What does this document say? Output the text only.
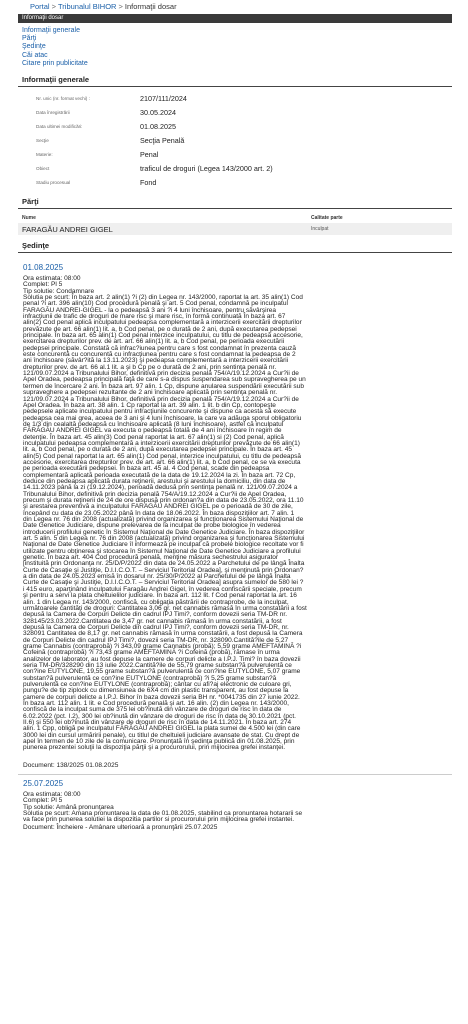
Portal > Tribunalul BIHOR > Informaţii dosar
Informaţii dosar
Informaţii generale
Părţi
Şedinţe
Căi atac
Citare prin publicitate
Informaţii generale
Nr. unic (nr. format vechi) :	2107/111/2024
Data înregistrării	30.05.2024
Data ultimei modificări:	01.08.2025
Secţie	Secţia Penală
Materie:	Penal
Obiect	traficul de droguri (Legea 143/2000 art. 2)
Stadiu procesual	Fond
Părţi
Nume	Calitate parte
FARAGĂU ANDREI GIGEL	Inculpat
Şedinţe
01.08.2025
Ora estimata: 08:00
Complet: Pl 5
Tip solutie: Condamnare
Solutia pe scurt: În baza art. 2 alin(1) ?i (2) din Legea nr. 143/2000, raportat la art. 35 alin(1) Cod
penal ?i art. 396 alin(10) Cod procedură penală şi art. 5 Cod penal, condamnă pe inculpatul
FARAGĂU ANDREI-GIGEL - la o pedeapsă 3 ani ?i 4 luni închisoare, pentru săvârşirea
infracţiunii de trafic de droguri de mare risc şi mare risc, în formă continuată În baza art. 67
alin(2) Cod penal aplică inculpatului pedeapsa complementară a interzicerii exercitării drepturilor
prevăzute de art. 66 alin(1) lit. a, b Cod penal, pe o durată de 2 ani, după executarea pedepsei
principale. În baza art. 65 alin(1) Cod penal interzice inculpatului, cu titlu de pedeapsă accesorie,
exercitarea drepturilor prev. de art. art. 66 alin(1) lit. a, b Cod penal, pe perioada executării
pedepsei principale. Constată că infrac?iunea pentru care s fost condamnat în prezenta cauză
este concurentă cu concurentă cu infracţiunea pentru care s fost condamnat la pedeapsa de 2
ani închisoare (săvâr?ită la 13.11.2023) şi pedeapsa complementară a interzicerii exercitării
drepturilor prev. de art. 66 al.1 lit. a şi b Cp pe o durată de 2 ani, prin sentinţa penală nr.
121/09.07.2024 a Tribunalului Bihor, definitivă prin decizia penală 754/A/19.12.2024 a Cur?ii de
Apel Oradea, pedeapsa principală faţă de care s-a dispus suspendarea sub supravegherea pe un
termen de încercare 2 ani. În baza art. 97 alin. 1 Cp, dispune anularea suspendării executării sub
supraveghere a pedepsei rezultante de 2 ani închisoare aplicată prin sentinţa penală nr.
121/09.07.2024 a Tribunalului Bihor, definitivă prin decizia penală 754/A/19.12.2024 a Cur?ii de
Apel Oradea. În baza art. 38 alin. 1 Cp raportat la art. 39 alin. 1 lit. b din Cp, contopeşte
pedepsele aplicate inculpatului pentru infracţiunile concurente şi dispune ca acesta să execute
pedeapsa cea mai grea, aceea de 3 ani şi 4 luni închisoare, la care va adăuga sporul obligatoriu
de 1/3 din cealaltă pedeapsă cu închisoare aplicată (8 luni închisoare), astfel că inculpatul
FĂRĂGĂU ANDREI GIGEL va executa o pedeapsă totală de 4 ani închisoare în regim de
detenţie. În baza art. 45 alin(3) Cod penal raportat la art. 67 alin(1) si (2) Cod penal, aplică
inculpatului pedeapsa complementară a interzicerii exercitării drepturilor prevăzute de 66 alin(1)
lit. a, b Cod penal, pe o durată de 2 ani, după executarea pedepsei principale. În baza art. 45
alin(5) Cod penal raportat la art. 65 alin(1) Cod penal, interzice inculpatului, cu titlu de pedeapsă
accesorie, exercitarea drepturilor prev. de art. art. 66 alin(1) lit. a, b Cod penal, ce se va executa
pe perioada executării pedepsei. În baza art. 45 al. 4 Cod penal, scade din pedeapsa
complementară aplicată perioada executată de la data de 19.12.2024 la zi. În baza art. 72 Cp,
deduce din pedeapsa aplicată durata reţinerii, arestului şi arestului la domiciliu, din data de
14.11.2023 până la zi (19.12.2024), perioadă dedusă prin sentinţa penală nr. 121/09.07.2024 a
Tribunalului Bihor, definitivă prin decizia penală 754/A/19.12.2024 a Cur?ii de Apel Oradea,
precum şi durata reţinerii de 24 de ore dispusă prin ordonan?a din data de 23.05.2022, ora 11.10
şi arestarea preventivă a inculpatului FARAGĂU ANDREI GIGEL pe o perioadă de 30 de zile,
începând cu data de 23.05.2022 până în data de 18.06.2022. În baza dispoziţiilor art. 7 alin. 1
din Legea nr. 76 din 2008 (actualizată) privind organizarea şi funcţionarea Sistemului Naţional de
Date Genetice Judiciare, dispune prelevarea de la inculpat de probe biologice în vederea
introducerii profilului genetic în Sistemul Naţional de Date Genetice Judiciare. În baza dispoziţiilor
art. 5 alin. 5 din Legea nr. 76 din 2008 (actualizată) privind organizarea şi funcţionarea Sistemului
Naţional de Date Genetice Judiciare îl informează pe inculpat că probele biologice recoltate vor fi
utilizate pentru obţinerea şi stocarea în Sistemul Naţional de Date Genetice Judiciare a profilului
genetic. În baza art. 404 Cod procedură penală, menţine măsura sechestrului asigurator
[instituită prin Ordonanţa nr. 25/D/P/2022 din data de 24.05.2022 a Parchetului de pe lângă Înalta
Curte de Casaţie şi Justiţie, D.I.I.C.O.T. – Serviciul Teritorial Oradea], şi menţinută prin Ordonan?
a din data de 24.05.2023 emisă în dosarul nr. 25/30/P/2022 al Parchetului de pe lângă Înalta
Curte de Casaţie şi Justiţie, D.I.I.C.O.T. – Serviciul Teritorial Oradea] asupra sumelor de 580 lei ?
i 415 euro, aparţinând inculpatului Faragău Andrei Gigel, în vederea confiscării speciale, precum
şi pentru a servi la plata cheltuielilor judiciare. În baza art. 112 lit. f Cod penal raportat la art. 16
alin. 1 din Legea nr. 143/2000, confiscă, cu obligaţia păstrării de contraprobe, de la inculpat,
următoarele cantităţi de droguri: Cantitatea 3,06 gr. net cannabis rămasă în urma constatării a fost
depusă la Camera de Corpuri Delicte din cadrul IPJ Timi?, conform dovezii seria TM-DR nr.
328145/23.03.2022.Cantitatea de 3,47 gr. net cannabis rămasă în urma constatării, a fost
depusă la Camera de Corpuri Delicte din cadrul IPJ Timi?, conform dovezii seria TM-DR, nr.
328091 Cantitatea de 8,17 gr. net cannabis rămasă în urma constatării, a fost depusă la Camera
de Corpuri Delicte din cadrul IPJ Timi?, dovezii seria TM-DR, nr. 328090.Cantită?ile de 5,27
grame Cannabis (contraprobă) ?i 343,09 grame Cannabis (probă); 5,59 grame AMEFTAMINĂ ?i
Cofeină (contraprobă) ?i 73,43 grame AMEFTAMINĂ ?i Cofeină (probă), rămase în urma
analizelor de laborator, au fost depuse la camere de corpuri delicte a I.P.J. Timi? în baza dovezii
seria TM-DR/328290 din 13 iulie 2022.Cantită?ile de 55,79 grame substan?ă pulverulentă ce
con?ine EUTYLONE, 19,55 grame substan?ă pulverulentă ce con?ine EUTYLONE, 5,07 grame
substan?ă pulverulentă ce con?ine EUTYLONE (contraprobă) ?i 5,25 grame substan?ă
pulverulentă ce con?ine EUTYLONE (contraprobă); cântar cu afi?aj electronic de culoare gri,
pungu?e de tip ziplock cu dimensiunea de 6X4 cm din plastic transparent, au fost depuse la
camere de corpuri delicte a I.P.J. Bihor în baza dovezii seria BH nr. *0041735 din 27 iunie 2022.
În baza art. 112 alin. 1 lit. e Cod procedură penală şi art. 16 alin. (2) din Legea nr. 143/2000,
confiscă de la inculpat suma de 375 lei ob?inută din vânzare de droguri de risc în data de
6.02.2022 (pct. I.2), 300 lei ob?inută din vânzare de droguri de risc în data de 30.10.2021 (pct.
II.6) şi 550 lei ob?inută din vânzare de droguri de risc în data de 14.11.2021. În baza art. 274
alin. 1 Cpp, obligă pe inculpatul FĂRĂGĂU ANDREI GIGEL la plata sumei de 4.500 lei (din care
3000 lei din cursul urmăririi penale), cu titlul de cheltuieli judiciare avansate de stat. Cu drept de
apel în termen de 10 zile de la comunicare. Pronunţată în şedinţa publică din 01.08.2025, prin
punerea prezentei soluţii la dispoziţia părţii şi a procurorului, prin mijlocirea grefei instanţei.
Document: 138/2025 01.08.2025
25.07.2025
Ora estimata: 08:00
Complet: Pl 5
Tip solutie: Amână pronunţarea
Solutia pe scurt: Amana pronuntarea la data de 01.08.2025, stabilind ca pronuntarea hotararii se
va face prin punerea solutiei la dispozitia partilor si procurorului prin mijlocirea grefei instantei.
Document: Încheiere - Amânare ulterioară a pronunţării 25.07.2025
